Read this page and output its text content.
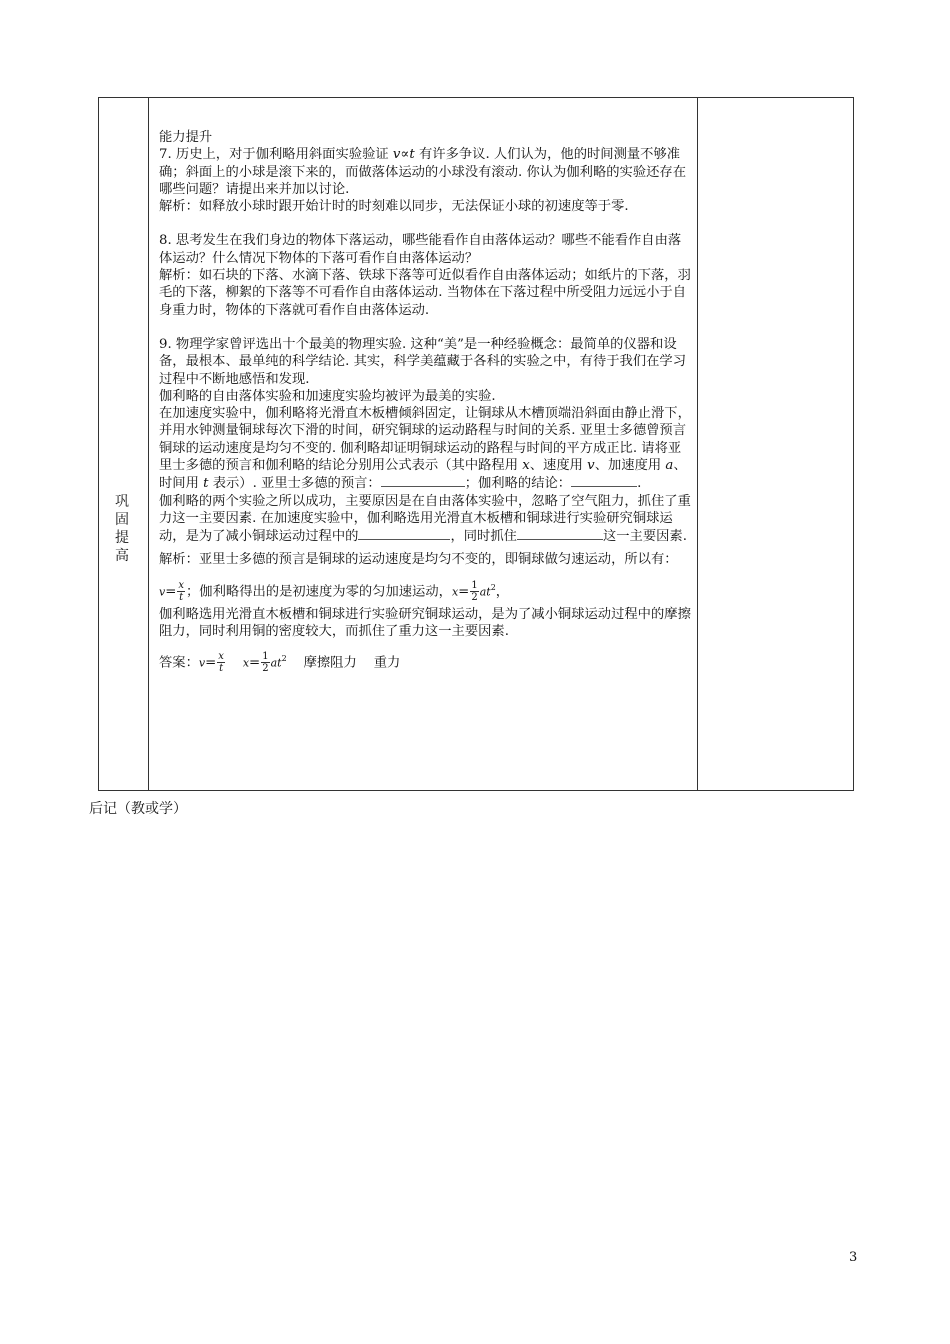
巩固提高

能力提升

7. 历史上，对于伽利略用斜面实验验证 v∝t 有许多争议. 人们认为，他的时间测量不够准确；斜面上的小球是滚下来的，而做落体运动的小球没有滚动. 你认为伽利略的实验还存在哪些问题？请提出来并加以讨论.

解析：如释放小球时跟开始计时的时刻难以同步，无法保证小球的初速度等于零.

8. 思考发生在我们身边的物体下落运动，哪些能看作自由落体运动？哪些不能看作自由落体运动？什么情况下物体的下落可看作自由落体运动？

解析：如石块的下落、水滴下落、铁球下落等可近似看作自由落体运动；如纸片的下落，羽毛的下落，柳絮的下落等不可看作自由落体运动. 当物体在下落过程中所受阻力远远小于自身重力时，物体的下落就可看作自由落体运动.

9. 物理学家曾评选出十个最美的物理实验. 这种“美”是一种经验概念：最简单的仪器和设备，最根本、最单纯的科学结论. 其实，科学美蕴藏于各科的实验之中，有待于我们在学习过程中不断地感悟和发现.

伽利略的自由落体实验和加速度实验均被评为最美的实验.

在加速度实验中，伽利略将光滑直木板槽倾斜固定，让铜球从木槽顶端沿斜面由静止滑下，并用水钟测量铜球每次下滑的时间，研究铜球的运动路程与时间的关系. 亚里士多德曾预言铜球的运动速度是均匀不变的. 伽利略却证明铜球运动的路程与时间的平方成正比. 请将亚里士多德的预言和伽利略的结论分别用公式表示（其中路程用 x、速度用 v、加速度用 a、时间用 t 表示）. 亚里士多德的预言：	；伽利略的结论：	.

伽利略的两个实验之所以成功，主要原因是在自由落体实验中，忽略了空气阻力，抓住了重力这一主要因素. 在加速度实验中，伽利略选用光滑直木板槽和铜球进行实验研究铜球运动，是为了减小铜球运动过程中的	，同时抓住	这一主要因素.

解析：亚里士多德的预言是铜球的运动速度是均匀不变的，即铜球做匀速运动，所以有：$v= \frac{x}{t}$ ；伽利略得出的是初速度为零的匀加速运动，$x= \frac{1}{2} at^2$，

伽利略选用光滑直木板槽和铜球进行实验研究铜球运动，是为了减小铜球运动过程中的摩擦阻力，同时利用铜的密度较大，而抓住了重力这一主要因素.

答案：$v= \frac{x}{t} x= \frac{1}{2} at^2$ 摩擦阻力 重力

后记（教或学）
3
